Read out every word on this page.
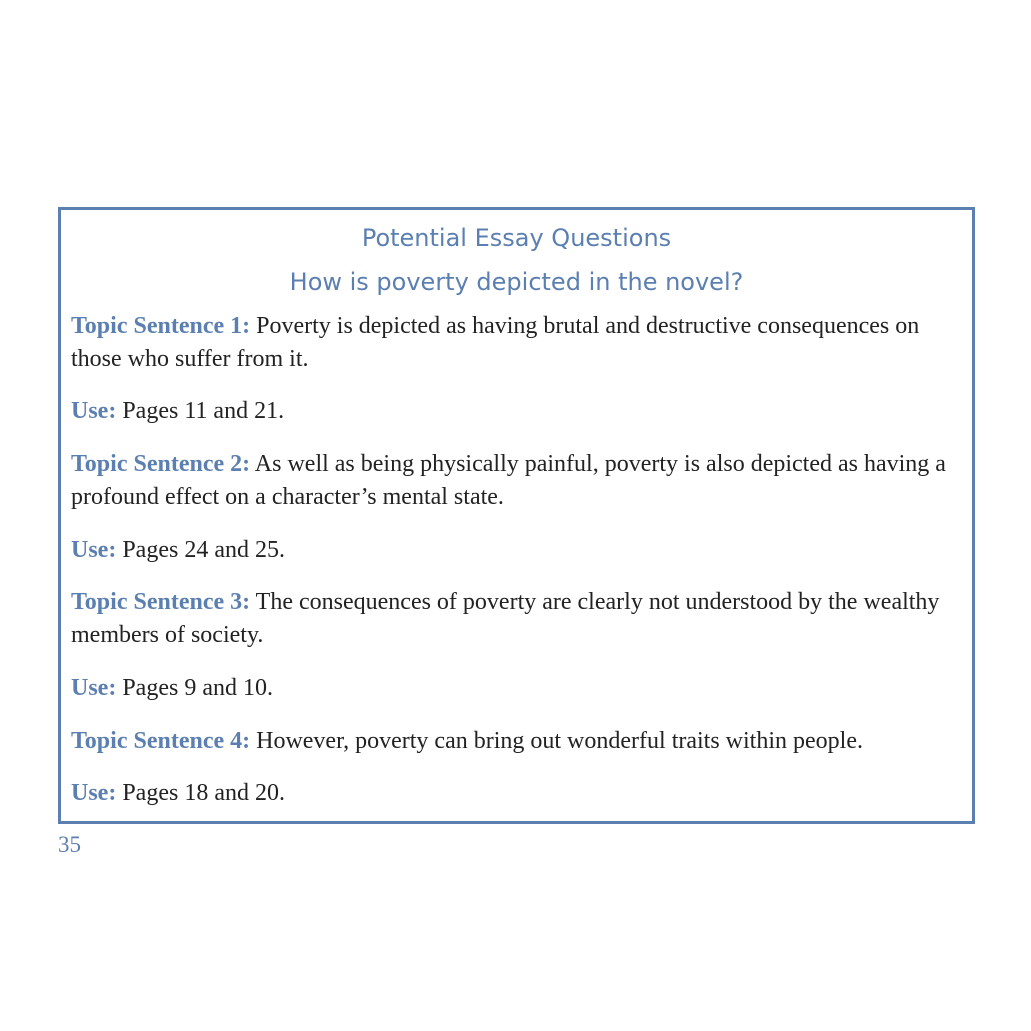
Potential Essay Questions
How is poverty depicted in the novel?
Topic Sentence 1: Poverty is depicted as having brutal and destructive consequences on those who suffer from it.
Use: Pages 11 and 21.
Topic Sentence 2: As well as being physically painful, poverty is also depicted as having a profound effect on a character’s mental state.
Use: Pages 24 and 25.
Topic Sentence 3: The consequences of poverty are clearly not understood by the wealthy members of society.
Use: Pages 9 and 10.
Topic Sentence 4: However, poverty can bring out wonderful traits within people.
Use: Pages 18 and 20.
35
